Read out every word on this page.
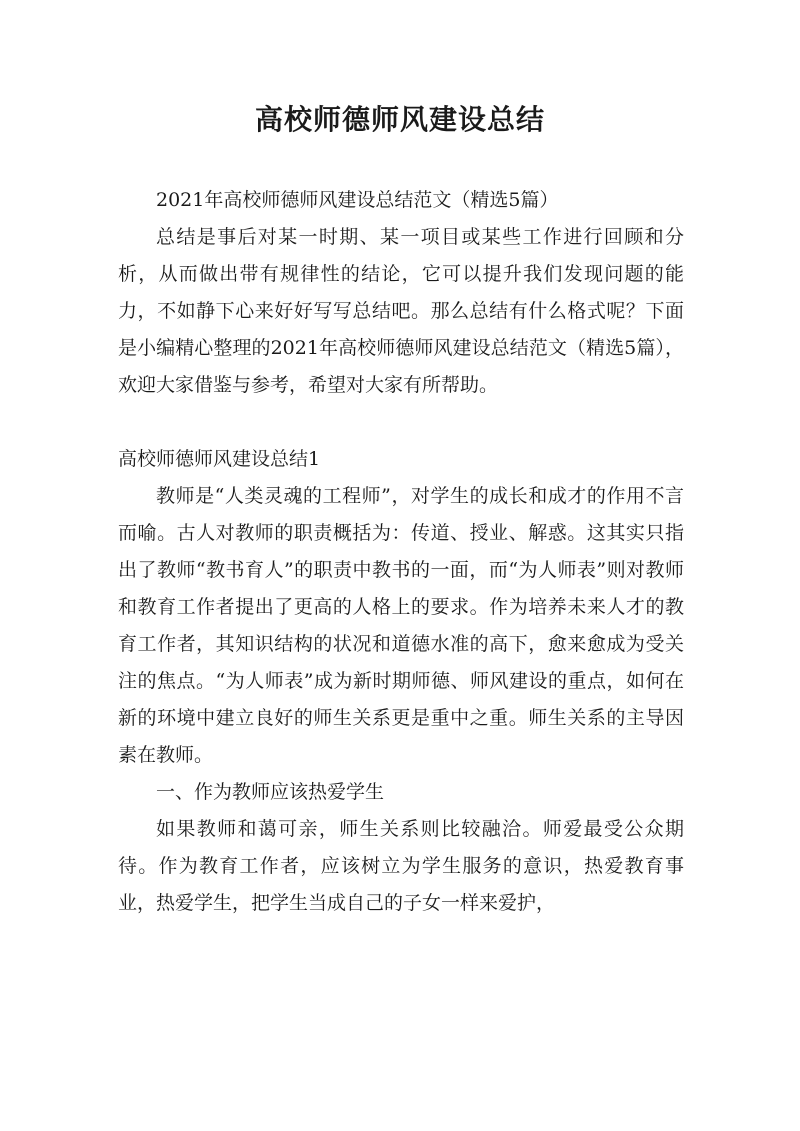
高校师德师风建设总结

2021年高校师德师风建设总结范文（精选5篇）

总结是事后对某一时期、某一项目或某些工作进行回顾和分析，从而做出带有规律性的结论，它可以提升我们发现问题的能力，不如静下心来好好写写总结吧。那么总结有什么格式呢？下面是小编精心整理的2021年高校师德师风建设总结范文（精选5篇），欢迎大家借鉴与参考，希望对大家有所帮助。

高校师德师风建设总结1

教师是“人类灵魂的工程师”，对学生的成长和成才的作用不言而喻。古人对教师的职责概括为：传道、授业、解惑。这其实只指出了教师“教书育人”的职责中教书的一面，而“为人师表”则对教师和教育工作者提出了更高的人格上的要求。作为培养未来人才的教育工作者，其知识结构的状况和道德水准的高下，愈来愈成为受关注的焦点。“为人师表”成为新时期师德、师风建设的重点，如何在新的环境中建立良好的师生关系更是重中之重。师生关系的主导因素在教师。

一、作为教师应该热爱学生

如果教师和蔼可亲，师生关系则比较融洽。师爱最受公众期待。作为教育工作者，应该树立为学生服务的意识，热爱教育事业，热爱学生，把学生当成自己的子女一样来爱护，
